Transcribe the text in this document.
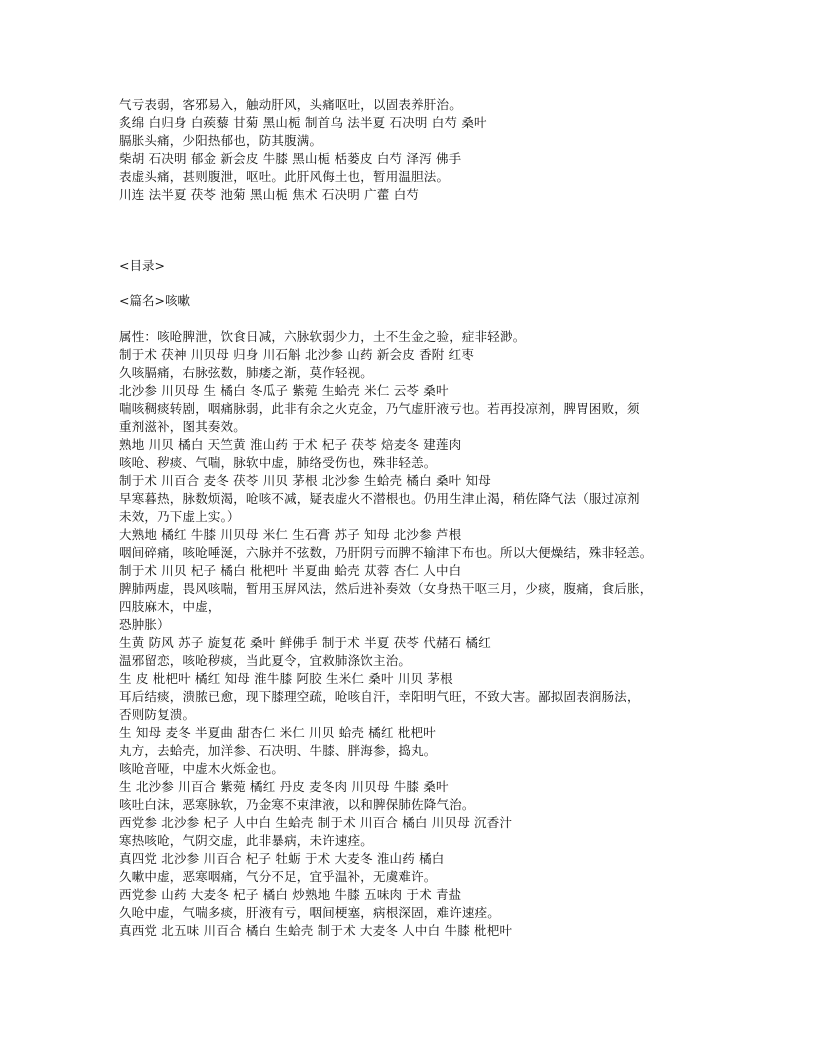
气亏表弱，客邪易入，触动肝风，头痛呕吐，以固表养肝治。
炙绵 白归身 白蒺藜 甘菊 黑山栀 制首乌 法半夏 石决明 白芍 桑叶
膈胀头痛，少阳热郁也，防其腹满。
柴胡 石决明 郁金 新会皮 牛膝 黑山栀 栝蒌皮 白芍 泽泻 佛手
表虚头痛，甚则腹泄，呕吐。此肝风侮土也，暂用温胆法。
川连 法半夏 茯苓 池菊 黑山栀 焦术 石决明 广藿 白芍
<目录>
<篇名>咳嗽
属性：咳呛脾泄，饮食日减，六脉软弱少力，土不生金之验，症非轻渺。
制于术 茯神 川贝母 归身 川石斛 北沙参 山药 新会皮 香附 红枣
久咳膈痛，右脉弦数，肺痿之渐，莫作轻视。
北沙参 川贝母 生 橘白 冬瓜子 紫菀 生蛤壳 米仁 云苓 桑叶
喘咳稠痰转剧，咽痛脉弱，此非有余之火克金，乃气虚肝液亏也。若再投凉剂，脾胃困败，须
重剂滋补，图其奏效。
熟地 川贝 橘白 天竺黄 淮山药 于术 杞子 茯苓 焙麦冬 建莲肉
咳呛、秽痰、气喘，脉软中虚，肺络受伤也，殊非轻恙。
制于术 川百合 麦冬 茯苓 川贝 茅根 北沙参 生蛤壳 橘白 桑叶 知母
早寒暮热，脉数烦渴，呛咳不减，疑表虚火不潜根也。仍用生津止渴，稍佐降气法（服过凉剂
未效，乃下虚上实。）
大熟地 橘红 牛膝 川贝母 米仁 生石膏 苏子 知母 北沙参 芦根
咽间碎痛，咳呛唾涎，六脉并不弦数，乃肝阴亏而脾不输津下布也。所以大便燥结，殊非轻恙。
制于术 川贝 杞子 橘白 枇杷叶 半夏曲 蛤壳 苁蓉 杏仁 人中白
脾肺两虚，畏风咳喘，暂用玉屏风法，然后进补奏效（女身热干呕三月，少痰，腹痛，食后胀，
四肢麻木，中虚，
恐肿胀）
生黄 防风 苏子 旋复花 桑叶 鲜佛手 制于术 半夏 茯苓 代赭石 橘红
温邪留恋，咳呛秽痰，当此夏令，宜救肺涤饮主治。
生 皮 枇杷叶 橘红 知母 淮牛膝 阿胶 生米仁 桑叶 川贝 茅根
耳后结痰，溃脓已愈，现下膝理空疏，呛咳自汗，幸阳明气旺，不致大害。鄙拟固表润肠法，
否则防复溃。
生 知母 麦冬 半夏曲 甜杏仁 米仁 川贝 蛤壳 橘红 枇杷叶
丸方，去蛤壳，加洋参、石决明、牛膝、胖海参，捣丸。
咳呛音哑，中虚木火烁金也。
生 北沙参 川百合 紫菀 橘红 丹皮 麦冬肉 川贝母 牛膝 桑叶
咳吐白沫，恶寒脉软，乃金寒不束津液，以和脾保肺佐降气治。
西党参 北沙参 杞子 人中白 生蛤壳 制于术 川百合 橘白 川贝母 沉香汁
寒热咳呛，气阴交虚，此非暴病，未许速痊。
真四党 北沙参 川百合 杞子 牡蛎 于术 大麦冬 淮山药 橘白
久嗽中虚，恶寒咽痛，气分不足，宜乎温补，无虞难许。
西党参 山药 大麦冬 杞子 橘白 炒熟地 牛膝 五味肉 于术 青盐
久呛中虚，气喘多痰，肝液有亏，咽间梗塞，病根深固，难许速痊。
真西党 北五味 川百合 橘白 生蛤壳 制于术 大麦冬 人中白 牛膝 枇杷叶
